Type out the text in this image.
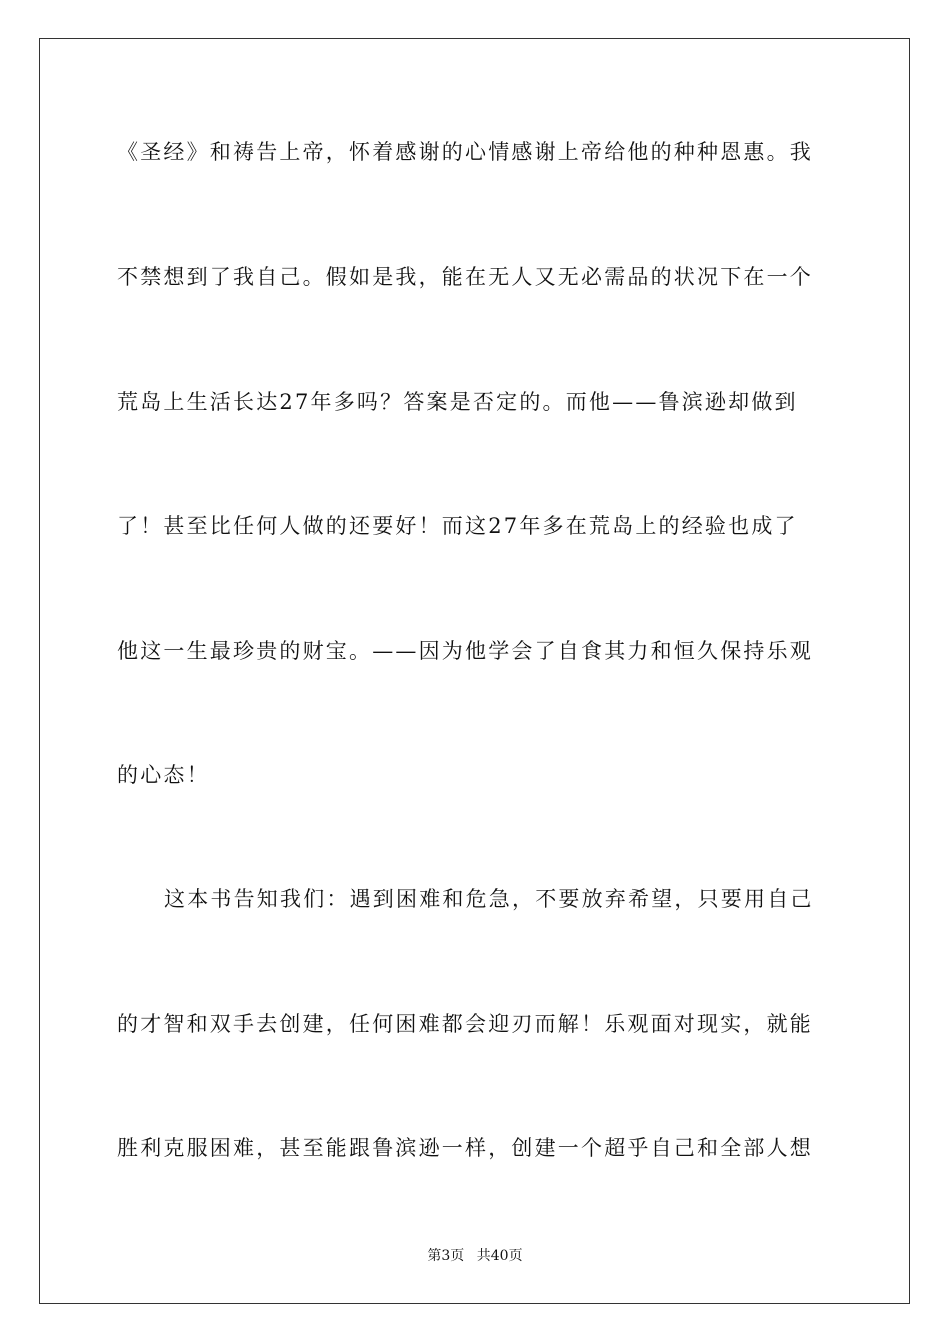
《圣经》和祷告上帝，怀着感谢的心情感谢上帝给他的种种恩惠。我
不禁想到了我自己。假如是我，能在无人又无必需品的状况下在一个
荒岛上生活长达27年多吗？答案是否定的。而他——鲁滨逊却做到
了！甚至比任何人做的还要好！而这27年多在荒岛上的经验也成了
他这一生最珍贵的财宝。——因为他学会了自食其力和恒久保持乐观
的心态！
这本书告知我们：遇到困难和危急，不要放弃希望，只要用自己
的才智和双手去创建，任何困难都会迎刃而解！乐观面对现实，就能
胜利克服困难，甚至能跟鲁滨逊一样，创建一个超乎自己和全部人想
第3页 共40页
